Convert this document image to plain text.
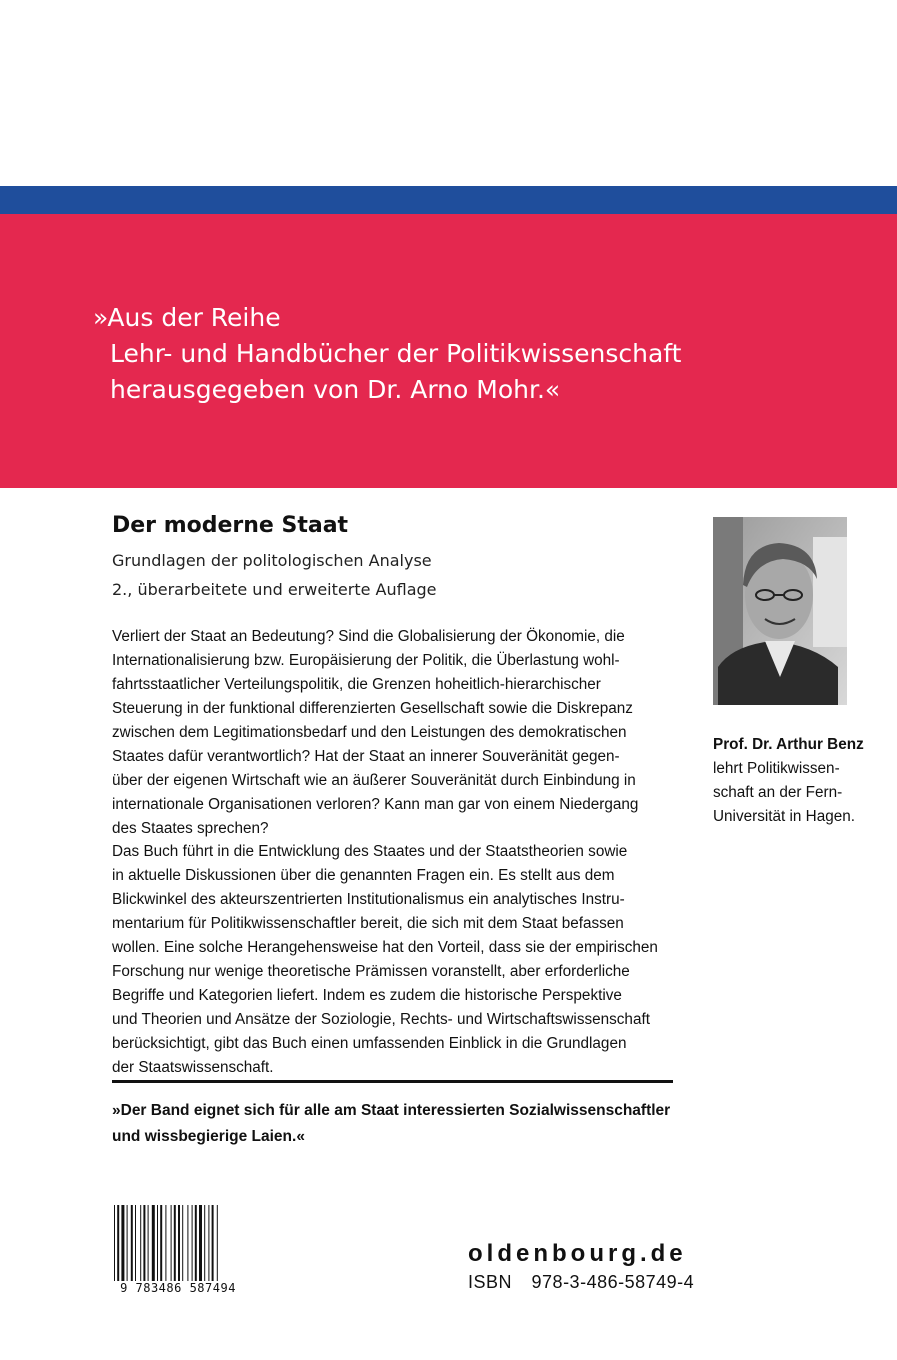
»Aus der Reihe
Lehr- und Handbücher der Politikwissenschaft
herausgegeben von Dr. Arno Mohr.«
Der moderne Staat
Grundlagen der politologischen Analyse
2., überarbeitete und erweiterte Auflage
Verliert der Staat an Bedeutung? Sind die Globalisierung der Ökonomie, die
Internationalisierung bzw. Europäisierung der Politik, die Überlastung wohl-
fahrtsstaatlicher Verteilungspolitik, die Grenzen hoheitlich-hierarchischer
Steuerung in der funktional differenzierten Gesellschaft sowie die Diskrepanz
zwischen dem Legitimationsbedarf und den Leistungen des demokratischen
Staates dafür verantwortlich? Hat der Staat an innerer Souveränität gegen-
über der eigenen Wirtschaft wie an äußerer Souveränität durch Einbindung in
internationale Organisationen verloren? Kann man gar von einem Niedergang
des Staates sprechen?
Das Buch führt in die Entwicklung des Staates und der Staatstheorien sowie
in aktuelle Diskussionen über die genannten Fragen ein. Es stellt aus dem
Blickwinkel des akteurszentrierten Institutionalismus ein analytisches Instru-
mentarium für Politikwissenschaftler bereit, die sich mit dem Staat befassen
wollen. Eine solche Herangehensweise hat den Vorteil, dass sie der empirischen
Forschung nur wenige theoretische Prämissen voranstellt, aber erforderliche
Begriffe und Kategorien liefert. Indem es zudem die historische Perspektive
und Theorien und Ansätze der Soziologie, Rechts- und Wirtschaftswissenschaft
berücksichtigt, gibt das Buch einen umfassenden Einblick in die Grundlagen
der Staatswissenschaft.
»Der Band eignet sich für alle am Staat interessierten Sozialwissenschaftler
und wissbegierige Laien.«
Prof. Dr. Arthur Benz
lehrt Politikwissen-
schaft an der Fern-
Universität in Hagen.
9 783486 587494
oldenbourg.de
ISBN 978-3-486-58749-4
